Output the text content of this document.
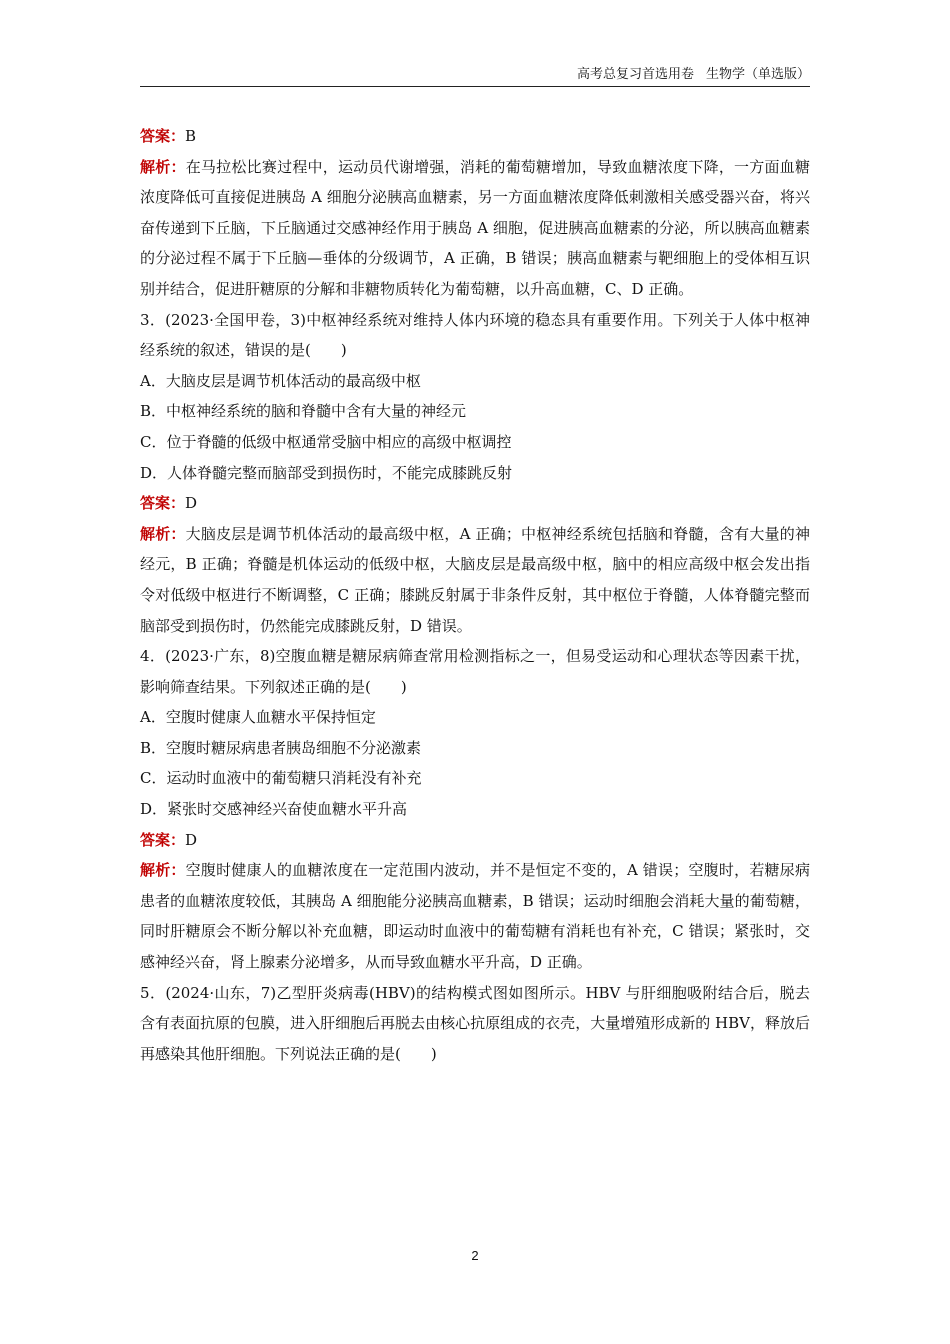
高考总复习首选用卷 生物学（单选版）

答案：B

解析：在马拉松比赛过程中，运动员代谢增强，消耗的葡萄糖增加，导致血糖浓度下降，一方面血糖浓度降低可直接促进胰岛 A 细胞分泌胰高血糖素，另一方面血糖浓度降低刺激相关感受器兴奋，将兴奋传递到下丘脑，下丘脑通过交感神经作用于胰岛 A 细胞，促进胰高血糖素的分泌，所以胰高血糖素的分泌过程不属于下丘脑—垂体的分级调节，A 正确，B 错误；胰高血糖素与靶细胞上的受体相互识别并结合，促进肝糖原的分解和非糖物质转化为葡萄糖，以升高血糖，C、D 正确。

3．(2023·全国甲卷，3)中枢神经系统对维持人体内环境的稳态具有重要作用。下列关于人体中枢神经系统的叙述，错误的是(　　)

A．大脑皮层是调节机体活动的最高级中枢
B．中枢神经系统的脑和脊髓中含有大量的神经元
C．位于脊髓的低级中枢通常受脑中相应的高级中枢调控
D．人体脊髓完整而脑部受到损伤时，不能完成膝跳反射

答案：D

解析：大脑皮层是调节机体活动的最高级中枢，A 正确；中枢神经系统包括脑和脊髓，含有大量的神经元，B 正确；脊髓是机体运动的低级中枢，大脑皮层是最高级中枢，脑中的相应高级中枢会发出指令对低级中枢进行不断调整，C 正确；膝跳反射属于非条件反射，其中枢位于脊髓，人体脊髓完整而脑部受到损伤时，仍然能完成膝跳反射，D 错误。

4．(2023·广东，8)空腹血糖是糖尿病筛查常用检测指标之一，但易受运动和心理状态等因素干扰，影响筛查结果。下列叙述正确的是(　　)

A．空腹时健康人血糖水平保持恒定
B．空腹时糖尿病患者胰岛细胞不分泌激素
C．运动时血液中的葡萄糖只消耗没有补充
D．紧张时交感神经兴奋使血糖水平升高

答案：D

解析：空腹时健康人的血糖浓度在一定范围内波动，并不是恒定不变的，A 错误；空腹时，若糖尿病患者的血糖浓度较低，其胰岛 A 细胞能分泌胰高血糖素，B 错误；运动时细胞会消耗大量的葡萄糖，同时肝糖原会不断分解以补充血糖，即运动时血液中的葡萄糖有消耗也有补充，C 错误；紧张时，交感神经兴奋，肾上腺素分泌增多，从而导致血糖水平升高，D 正确。

5．(2024·山东，7)乙型肝炎病毒(HBV)的结构模式图如图所示。HBV 与肝细胞吸附结合后，脱去含有表面抗原的包膜，进入肝细胞后再脱去由核心抗原组成的衣壳，大量增殖形成新的 HBV，释放后再感染其他肝细胞。下列说法正确的是(　　)

2
